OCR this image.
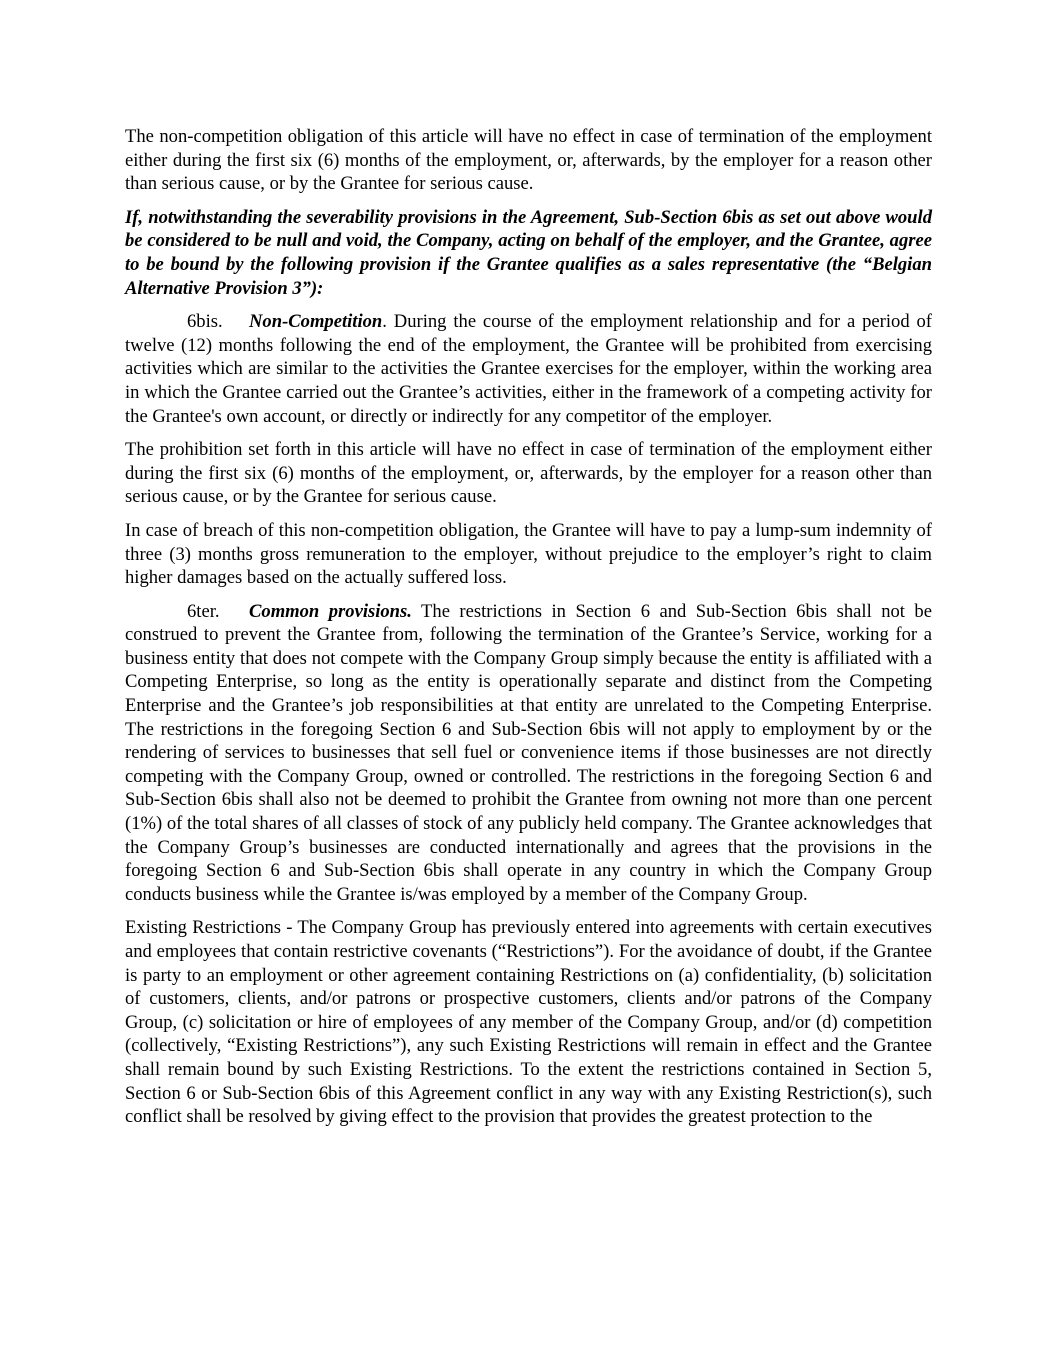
The non-competition obligation of this article will have no effect in case of termination of the employment either during the first six (6) months of the employment, or, afterwards, by the employer for a reason other than serious cause, or by the Grantee for serious cause.

If, notwithstanding the severability provisions in the Agreement, Sub-Section 6bis as set out above would be considered to be null and void, the Company, acting on behalf of the employer, and the Grantee, agree to be bound by the following provision if the Grantee qualifies as a sales representative (the “Belgian Alternative Provision 3”):

6bis. Non-Competition. During the course of the employment relationship and for a period of twelve (12) months following the end of the employment, the Grantee will be prohibited from exercising activities which are similar to the activities the Grantee exercises for the employer, within the working area in which the Grantee carried out the Grantee’s activities, either in the framework of a competing activity for the Grantee's own account, or directly or indirectly for any competitor of the employer.

The prohibition set forth in this article will have no effect in case of termination of the employment either during the first six (6) months of the employment, or, afterwards, by the employer for a reason other than serious cause, or by the Grantee for serious cause.

In case of breach of this non-competition obligation, the Grantee will have to pay a lump-sum indemnity of three (3) months gross remuneration to the employer, without prejudice to the employer’s right to claim higher damages based on the actually suffered loss.

6ter. Common provisions. The restrictions in Section 6 and Sub-Section 6bis shall not be construed to prevent the Grantee from, following the termination of the Grantee’s Service, working for a business entity that does not compete with the Company Group simply because the entity is affiliated with a Competing Enterprise, so long as the entity is operationally separate and distinct from the Competing Enterprise and the Grantee’s job responsibilities at that entity are unrelated to the Competing Enterprise. The restrictions in the foregoing Section 6 and Sub-Section 6bis will not apply to employment by or the rendering of services to businesses that sell fuel or convenience items if those businesses are not directly competing with the Company Group, owned or controlled. The restrictions in the foregoing Section 6 and Sub-Section 6bis shall also not be deemed to prohibit the Grantee from owning not more than one percent (1%) of the total shares of all classes of stock of any publicly held company. The Grantee acknowledges that the Company Group’s businesses are conducted internationally and agrees that the provisions in the foregoing Section 6 and Sub-Section 6bis shall operate in any country in which the Company Group conducts business while the Grantee is/was employed by a member of the Company Group.

Existing Restrictions - The Company Group has previously entered into agreements with certain executives and employees that contain restrictive covenants (“Restrictions”). For the avoidance of doubt, if the Grantee is party to an employment or other agreement containing Restrictions on (a) confidentiality, (b) solicitation of customers, clients, and/or patrons or prospective customers, clients and/or patrons of the Company Group, (c) solicitation or hire of employees of any member of the Company Group, and/or (d) competition (collectively, “Existing Restrictions”), any such Existing Restrictions will remain in effect and the Grantee shall remain bound by such Existing Restrictions. To the extent the restrictions contained in Section 5, Section 6 or Sub-Section 6bis of this Agreement conflict in any way with any Existing Restriction(s), such conflict shall be resolved by giving effect to the provision that provides the greatest protection to the
